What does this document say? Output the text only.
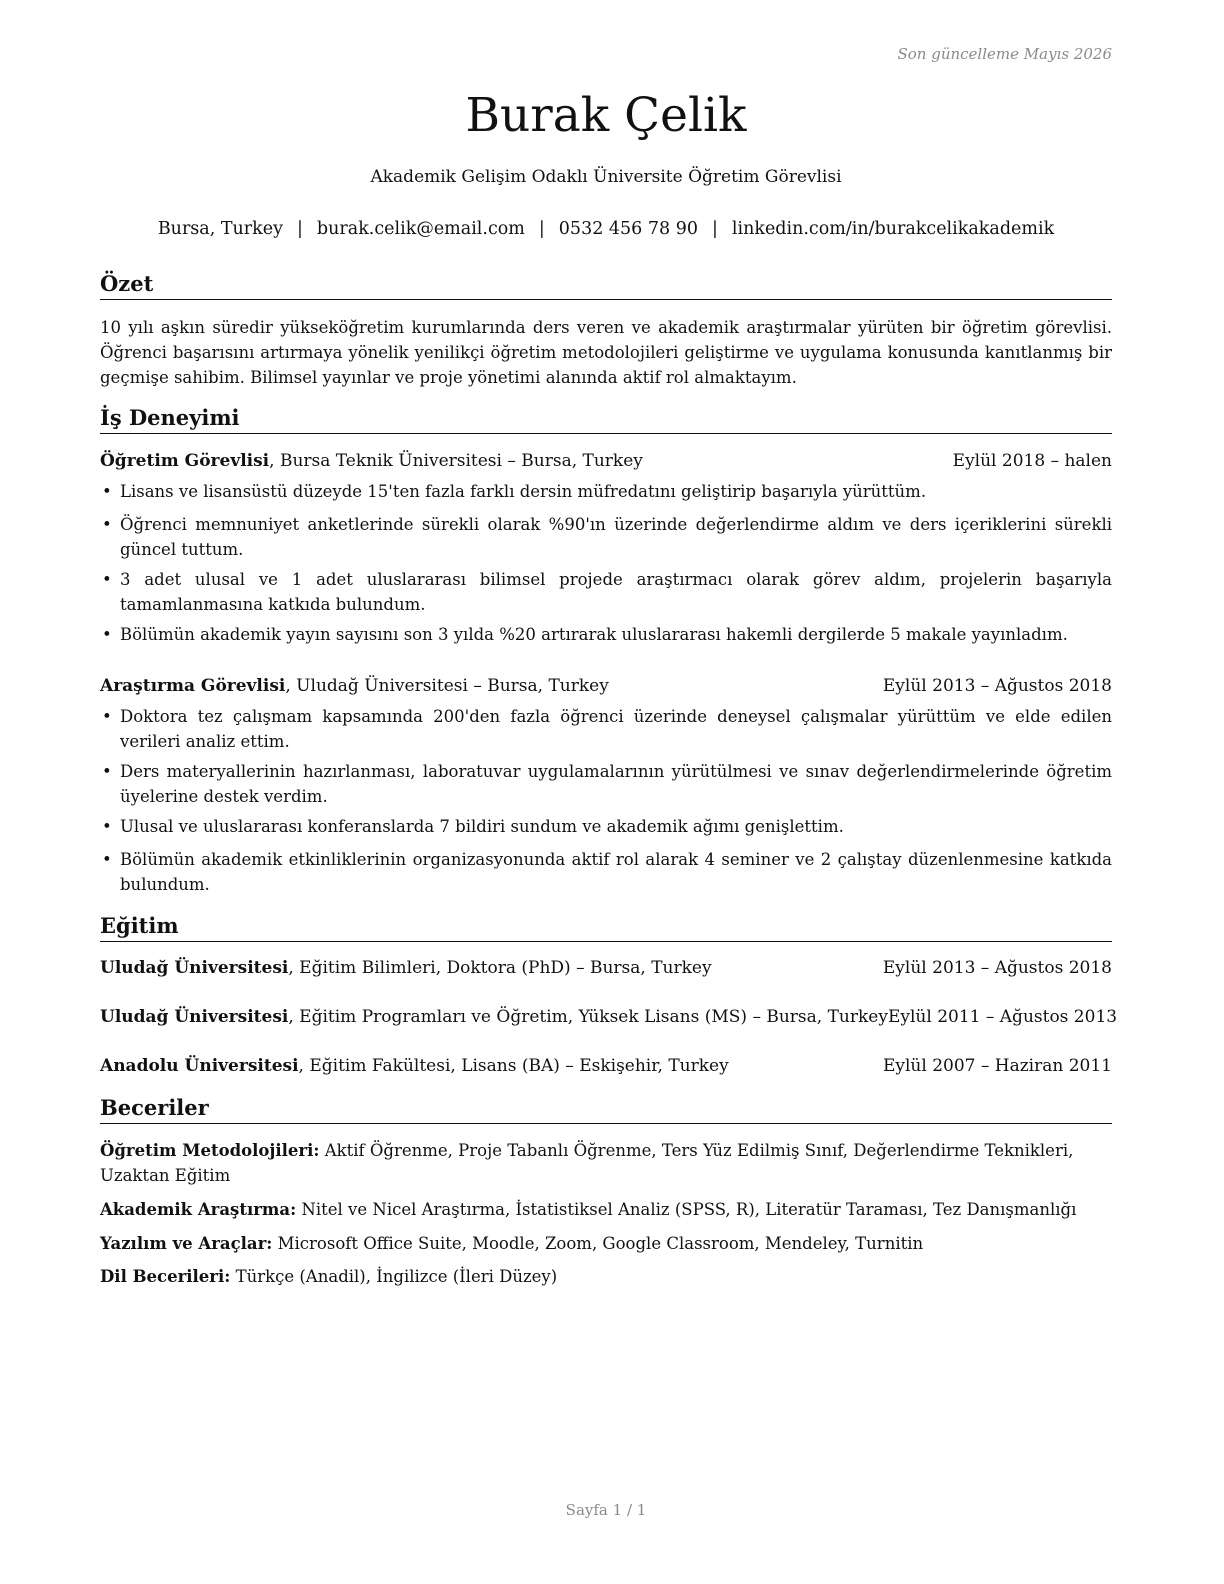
Son güncelleme Mayıs 2026
Burak Çelik
Akademik Gelişim Odaklı Üniversite Öğretim Görevlisi
Bursa, Turkey | burak.celik@email.com | 0532 456 78 90 | linkedin.com/in/burakcelikakademik
Özet
10 yılı aşkın süredir yükseköğretim kurumlarında ders veren ve akademik araştırmalar yürüten bir öğretim görevlisi. Öğrenci başarısını artırmaya yönelik yenilikçi öğretim metodolojileri geliştirme ve uygulama konusunda kanıtlanmış bir geçmişe sahibim. Bilimsel yayınlar ve proje yönetimi alanında aktif rol almaktayım.
İş Deneyimi
Öğretim Görevlisi, Bursa Teknik Üniversitesi – Bursa, Turkey	Eylül 2018 – halen
• Lisans ve lisansüstü düzeyde 15'ten fazla farklı dersin müfredatını geliştirip başarıyla yürüttüm.
• Öğrenci memnuniyet anketlerinde sürekli olarak %90'ın üzerinde değerlendirme aldım ve ders içeriklerini sürekli güncel tuttum.
• 3 adet ulusal ve 1 adet uluslararası bilimsel projede araştırmacı olarak görev aldım, projelerin başarıyla tamamlanmasına katkıda bulundum.
• Bölümün akademik yayın sayısını son 3 yılda %20 artırarak uluslararası hakemli dergilerde 5 makale yayınladım.
Araştırma Görevlisi, Uludağ Üniversitesi – Bursa, Turkey	Eylül 2013 – Ağustos 2018
• Doktora tez çalışmam kapsamında 200'den fazla öğrenci üzerinde deneysel çalışmalar yürüttüm ve elde edilen verileri analiz ettim.
• Ders materyallerinin hazırlanması, laboratuvar uygulamalarının yürütülmesi ve sınav değerlendirmelerinde öğretim üyelerine destek verdim.
• Ulusal ve uluslararası konferanslarda 7 bildiri sundum ve akademik ağımı genişlettim.
• Bölümün akademik etkinliklerinin organizasyonunda aktif rol alarak 4 seminer ve 2 çalıştay düzenlenmesine katkıda bulundum.
Eğitim
Uludağ Üniversitesi, Eğitim Bilimleri, Doktora (PhD) – Bursa, Turkey	Eylül 2013 – Ağustos 2018
Uludağ Üniversitesi, Eğitim Programları ve Öğretim, Yüksek Lisans (MS) – Bursa, Turkey Eylül 2011 – Ağustos 2013
Anadolu Üniversitesi, Eğitim Fakültesi, Lisans (BA) – Eskişehir, Turkey	Eylül 2007 – Haziran 2011
Beceriler
Öğretim Metodolojileri: Aktif Öğrenme, Proje Tabanlı Öğrenme, Ters Yüz Edilmiş Sınıf, Değerlendirme Teknikleri, Uzaktan Eğitim
Akademik Araştırma: Nitel ve Nicel Araştırma, İstatistiksel Analiz (SPSS, R), Literatür Taraması, Tez Danışmanlığı
Yazılım ve Araçlar: Microsoft Office Suite, Moodle, Zoom, Google Classroom, Mendeley, Turnitin
Dil Becerileri: Türkçe (Anadil), İngilizce (İleri Düzey)
Sayfa 1 / 1
